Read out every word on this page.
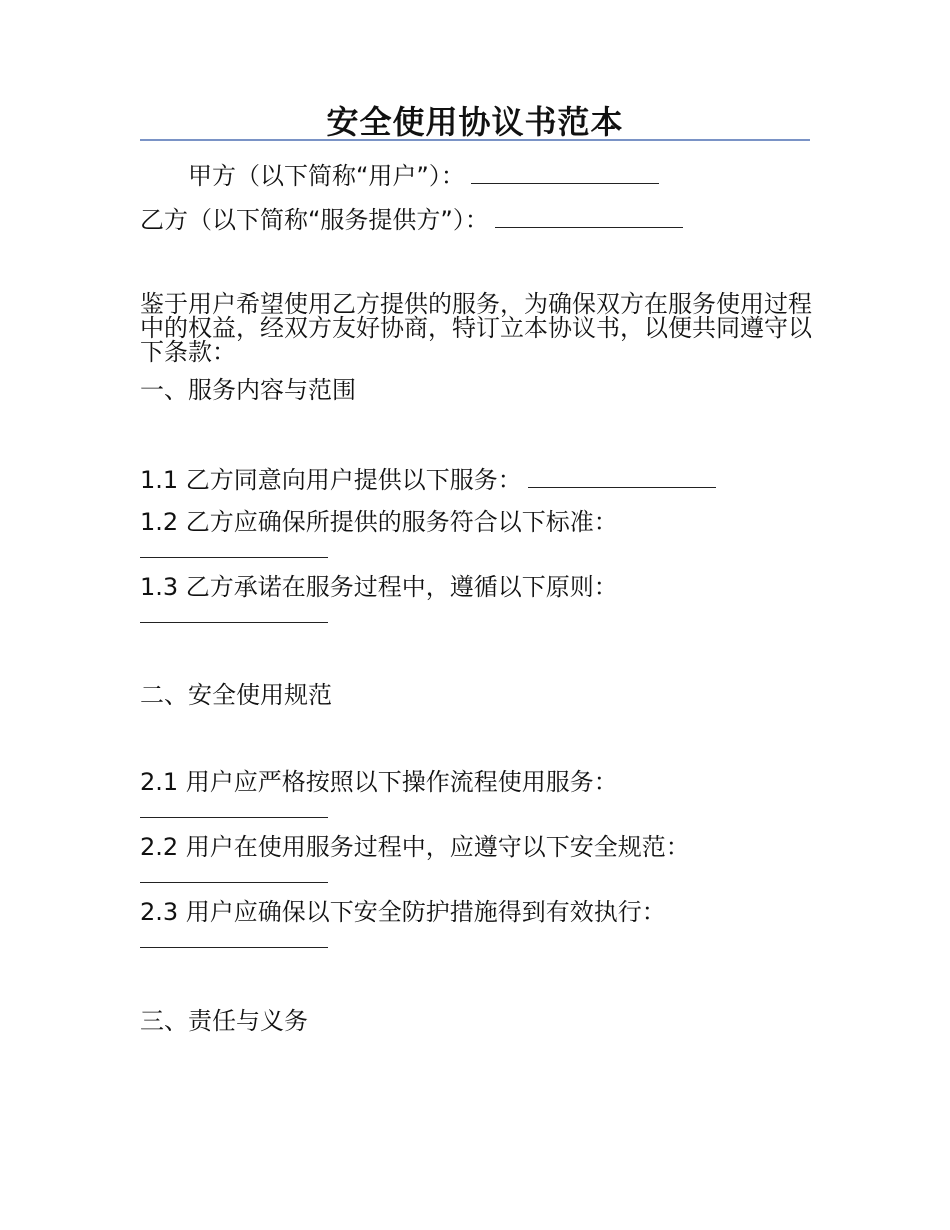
安全使用协议书范本
甲方（以下简称“用户”）：
乙方（以下简称“服务提供方”）：
鉴于用户希望使用乙方提供的服务，为确保双方在服务使用过程中的权益，经双方友好协商，特订立本协议书，以便共同遵守以下条款：
一、服务内容与范围
1.1 乙方同意向用户提供以下服务：
1.2 乙方应确保所提供的服务符合以下标准：
1.3 乙方承诺在服务过程中，遵循以下原则：
二、安全使用规范
2.1 用户应严格按照以下操作流程使用服务：
2.2 用户在使用服务过程中，应遵守以下安全规范：
2.3 用户应确保以下安全防护措施得到有效执行：
三、责任与义务
